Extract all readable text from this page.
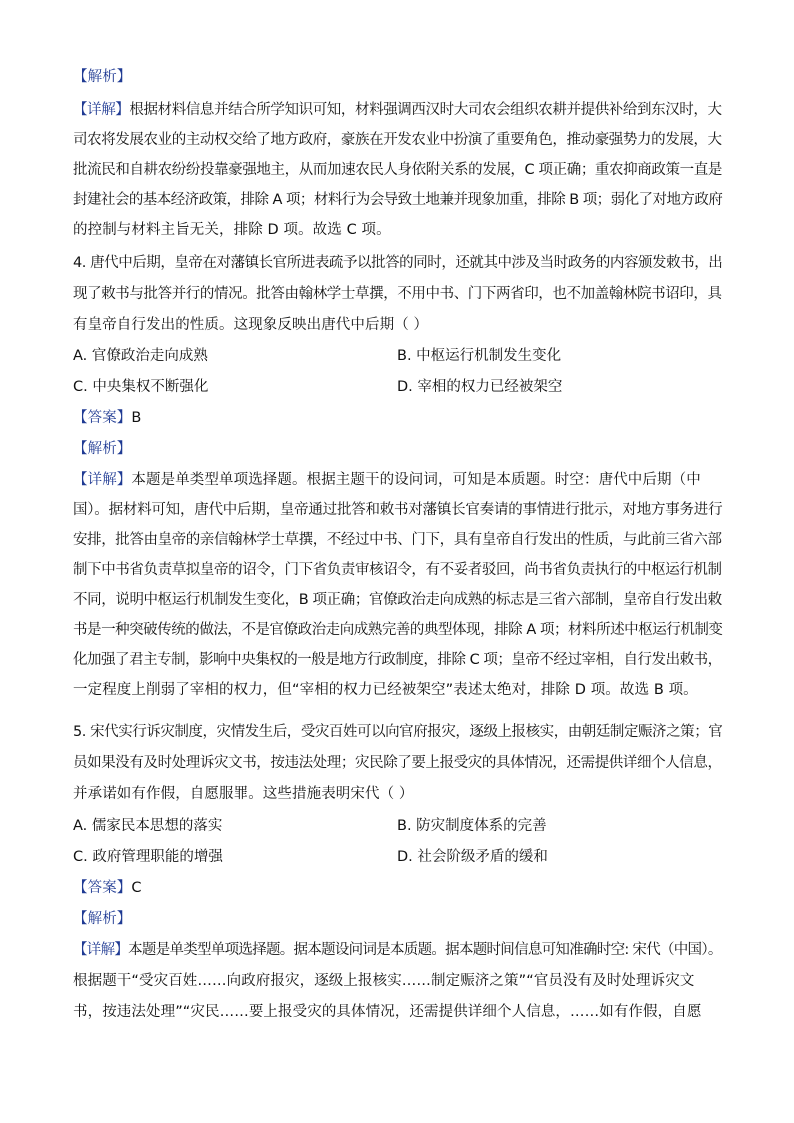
【解析】
【详解】根据材料信息并结合所学知识可知，材料强调西汉时大司农会组织农耕并提供补给到东汉时，大
司农将发展农业的主动权交给了地方政府，豪族在开发农业中扮演了重要角色，推动豪强势力的发展，大
批流民和自耕农纷纷投靠豪强地主，从而加速农民人身依附关系的发展，C 项正确；重农抑商政策一直是
封建社会的基本经济政策，排除 A 项；材料行为会导致土地兼并现象加重，排除 B 项；弱化了对地方政府
的控制与材料主旨无关，排除 D 项。故选 C 项。
4. 唐代中后期，皇帝在对藩镇长官所进表疏予以批答的同时，还就其中涉及当时政务的内容颁发敕书，出
现了敕书与批答并行的情况。批答由翰林学士草撰，不用中书、门下两省印，也不加盖翰林院书诏印，具
有皇帝自行发出的性质。这现象反映出唐代中后期（ ）
A. 官僚政治走向成熟	B. 中枢运行机制发生变化
C. 中央集权不断强化	D. 宰相的权力已经被架空
【答案】B
【解析】
【详解】本题是单类型单项选择题。根据主题干的设问词，可知是本质题。时空：唐代中后期（中
国）。据材料可知，唐代中后期，皇帝通过批答和敕书对藩镇长官奏请的事情进行批示，对地方事务进行
安排，批答由皇帝的亲信翰林学士草撰，不经过中书、门下，具有皇帝自行发出的性质，与此前三省六部
制下中书省负责草拟皇帝的诏令，门下省负责审核诏令，有不妥者驳回，尚书省负责执行的中枢运行机制
不同，说明中枢运行机制发生变化，B 项正确；官僚政治走向成熟的标志是三省六部制，皇帝自行发出敕
书是一种突破传统的做法，不是官僚政治走向成熟完善的典型体现，排除 A 项；材料所述中枢运行机制变
化加强了君主专制，影响中央集权的一般是地方行政制度，排除 C 项；皇帝不经过宰相，自行发出敕书，
一定程度上削弱了宰相的权力，但“宰相的权力已经被架空”表述太绝对，排除 D 项。故选 B 项。
5. 宋代实行诉灾制度，灾情发生后，受灾百姓可以向官府报灾，逐级上报核实，由朝廷制定赈济之策；官
员如果没有及时处理诉灾文书，按违法处理；灾民除了要上报受灾的具体情况，还需提供详细个人信息，
并承诺如有作假，自愿服罪。这些措施表明宋代（ ）
A. 儒家民本思想的落实	B. 防灾制度体系的完善
C. 政府管理职能的增强	D. 社会阶级矛盾的缓和
【答案】C
【解析】
【详解】本题是单类型单项选择题。据本题设问词是本质题。据本题时间信息可知准确时空: 宋代（中国）。
根据题干“受灾百姓……向政府报灾，逐级上报核实……制定赈济之策”“官员没有及时处理诉灾文
书，按违法处理”“灾民……要上报受灾的具体情况，还需提供详细个人信息，……如有作假，自愿
